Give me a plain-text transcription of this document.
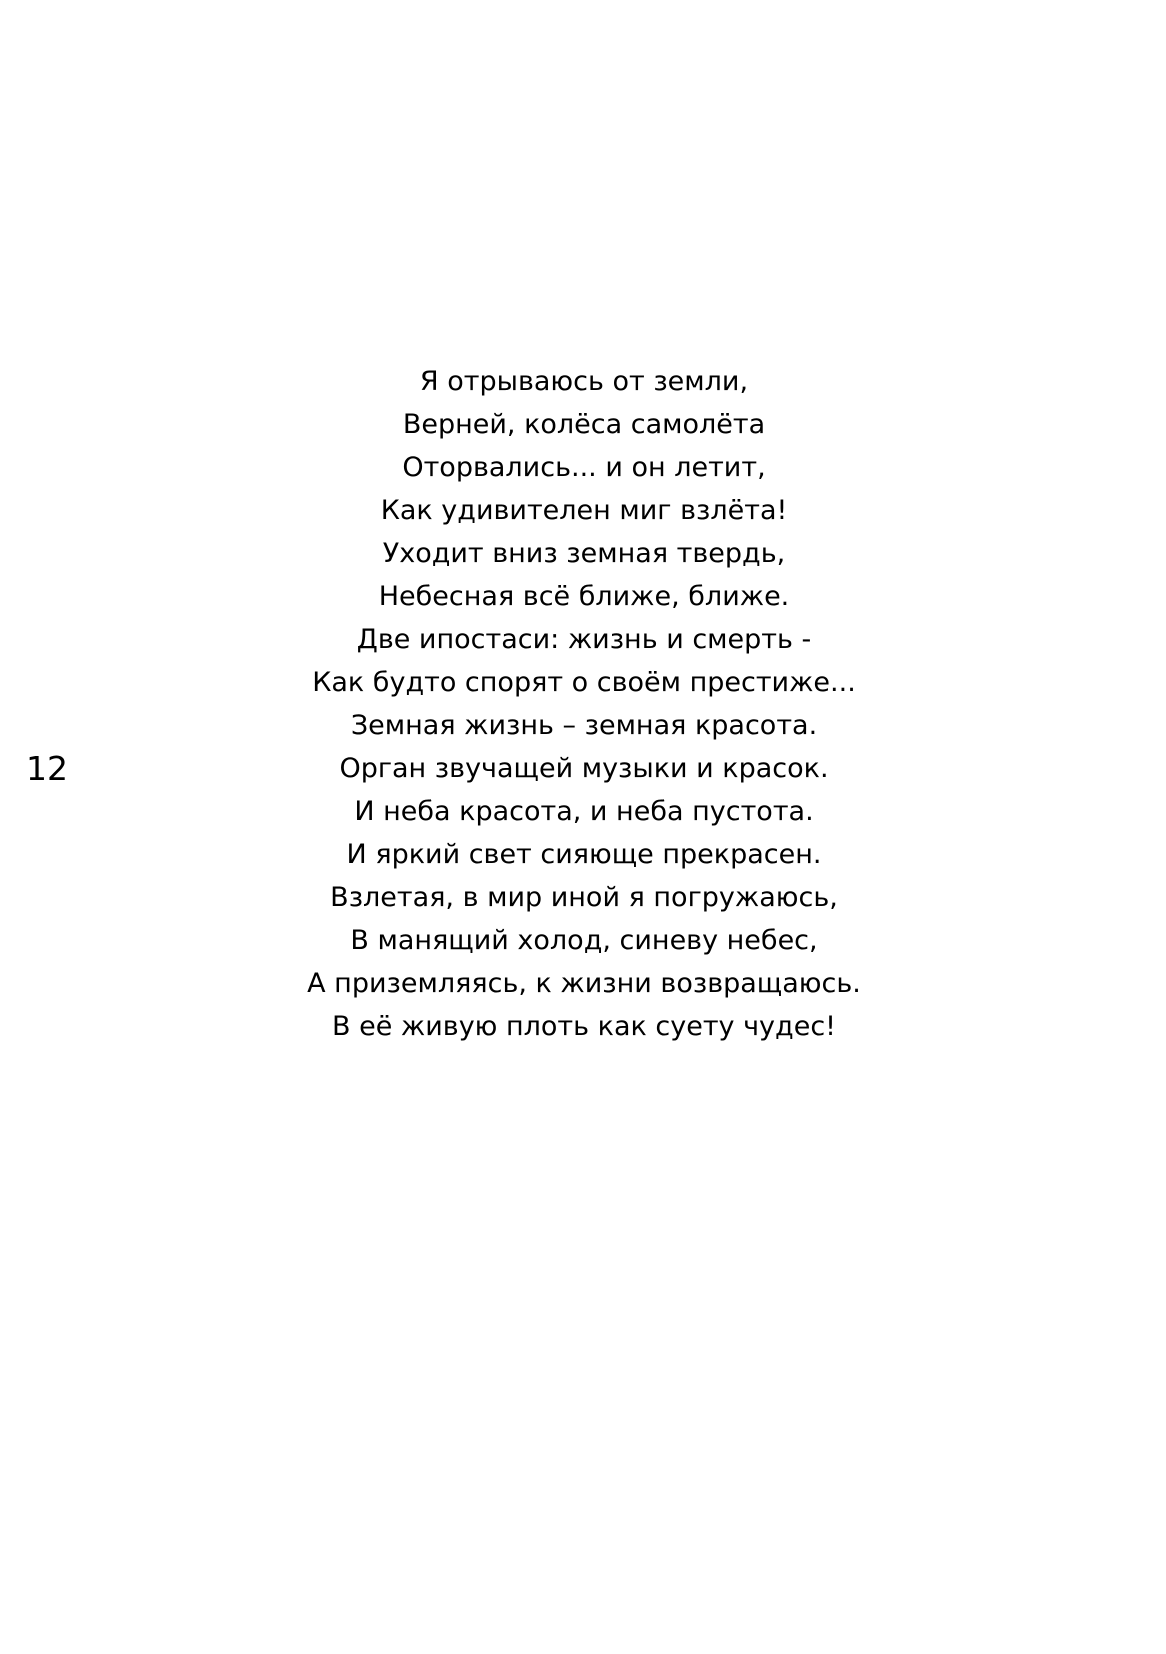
12
Я отрываюсь от земли,
Верней, колёса самолёта
Оторвались... и он летит,
Как удивителен миг взлёта!
Уходит вниз земная твердь,
Небесная всё ближе, ближе.
Две ипостаси: жизнь и смерть -
Как будто спорят о своём престиже...
Земная жизнь – земная красота.
Орган звучащей музыки и красок.
И неба красота, и неба пустота.
И яркий свет сияюще прекрасен.
Взлетая, в мир иной я погружаюсь,
В манящий холод, синеву небес,
А приземляясь, к жизни возвращаюсь.
В её живую плоть как суету чудес!
